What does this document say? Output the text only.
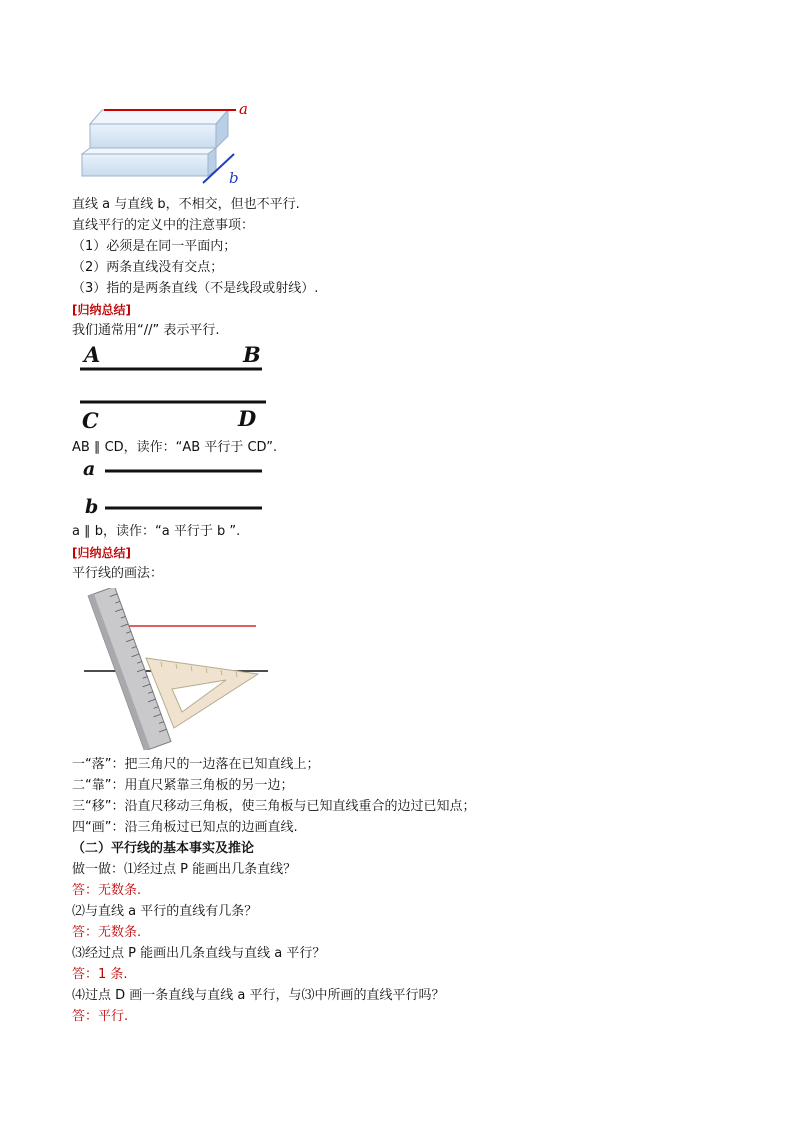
a
b
直线 a 与直线 b，不相交，但也不平行.
直线平行的定义中的注意事项：
（1）必须是在同一平面内；
（2）两条直线没有交点；
（3）指的是两条直线（不是线段或射线）.
[归纳总结]
我们通常用“//” 表示平行.
A	B
C	D
AB ∥ CD，读作：“AB 平行于 CD”.
a
b
a ∥ b，读作：“a 平行于 b ”.
[归纳总结]
平行线的画法：
一“落”：把三角尺的一边落在已知直线上；
二“靠”：用直尺紧靠三角板的另一边；
三“移”：沿直尺移动三角板，使三角板与已知直线重合的边过已知点；
四“画”：沿三角板过已知点的边画直线.
（二）平行线的基本事实及推论
做一做：⑴经过点 P 能画出几条直线？
答：无数条.
⑵与直线 a 平行的直线有几条？
答：无数条.
⑶经过点 P 能画出几条直线与直线 a 平行？
答：1 条.
⑷过点 D 画一条直线与直线 a 平行，与⑶中所画的直线平行吗？
答：平行.
